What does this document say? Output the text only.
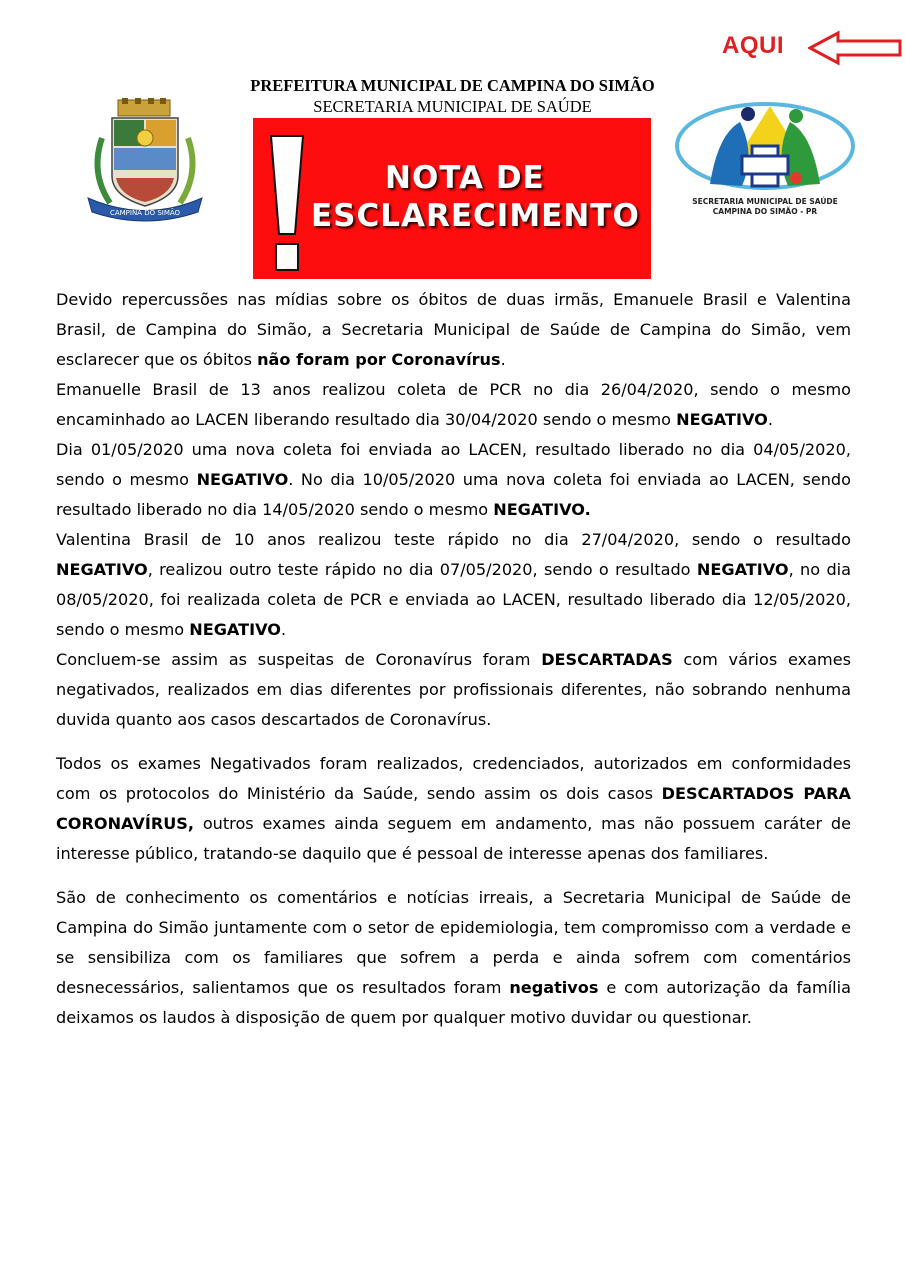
AQUI
PREFEITURA MUNICIPAL DE CAMPINA DO SIMÃO
SECRETARIA MUNICIPAL DE SAÚDE
CAMPINA DO SIMÃO
SECRETARIA MUNICIPAL DE SAÚDE
CAMPINA DO SIMÃO - PR
NOTA DE
ESCLARECIMENTO

Devido repercussões nas mídias sobre os óbitos de duas irmãs, Emanuele Brasil e Valentina Brasil, de Campina do Simão, a Secretaria Municipal de Saúde de Campina do Simão, vem esclarecer que os óbitos não foram por Coronavírus.

Emanuelle Brasil de 13 anos realizou coleta de PCR no dia 26/04/2020, sendo o mesmo encaminhado ao LACEN liberando resultado dia 30/04/2020 sendo o mesmo NEGATIVO.

Dia 01/05/2020 uma nova coleta foi enviada ao LACEN, resultado liberado no dia 04/05/2020, sendo o mesmo NEGATIVO. No dia 10/05/2020 uma nova coleta foi enviada ao LACEN, sendo resultado liberado no dia 14/05/2020 sendo o mesmo NEGATIVO.

Valentina Brasil de 10 anos realizou teste rápido no dia 27/04/2020, sendo o resultado NEGATIVO, realizou outro teste rápido no dia 07/05/2020, sendo o resultado NEGATIVO, no dia 08/05/2020, foi realizada coleta de PCR e enviada ao LACEN, resultado liberado dia 12/05/2020, sendo o mesmo NEGATIVO.

Concluem-se assim as suspeitas de Coronavírus foram DESCARTADAS com vários exames negativados, realizados em dias diferentes por profissionais diferentes, não sobrando nenhuma duvida quanto aos casos descartados de Coronavírus.

Todos os exames Negativados foram realizados, credenciados, autorizados em conformidades com os protocolos do Ministério da Saúde, sendo assim os dois casos DESCARTADOS PARA CORONAVÍRUS, outros exames ainda seguem em andamento, mas não possuem caráter de interesse público, tratando-se daquilo que é pessoal de interesse apenas dos familiares.

São de conhecimento os comentários e notícias irreais, a Secretaria Municipal de Saúde de Campina do Simão juntamente com o setor de epidemiologia, tem compromisso com a verdade e se sensibiliza com os familiares que sofrem a perda e ainda sofrem com comentários desnecessários, salientamos que os resultados foram negativos e com autorização da família deixamos os laudos à disposição de quem por qualquer motivo duvidar ou questionar.
